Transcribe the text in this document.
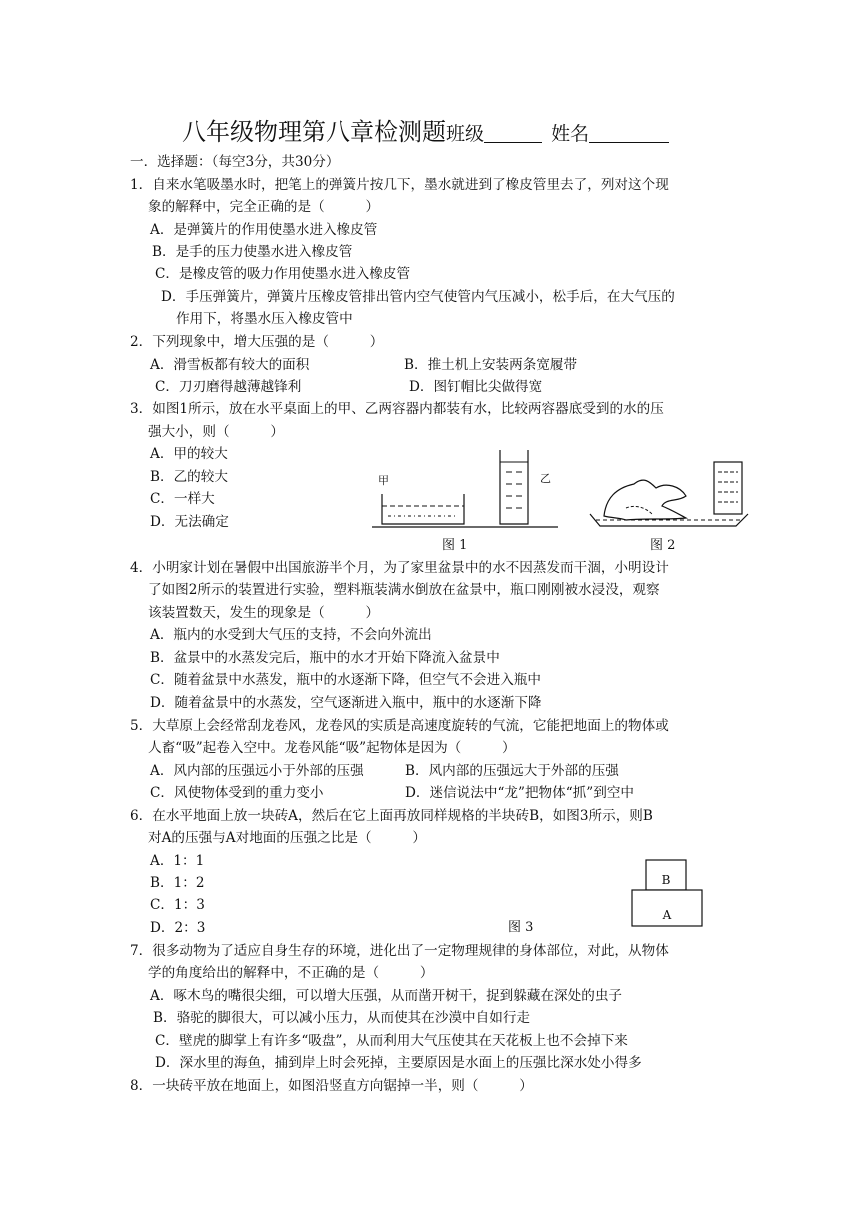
八年级物理第八章检测题班级	姓名
一．选择题：（每空3分，共30分）
1．自来水笔吸墨水时，把笔上的弹簧片按几下，墨水就进到了橡皮管里去了，列对这个现
象的解释中，完全正确的是（　　　）
A．是弹簧片的作用使墨水进入橡皮管
B．是手的压力使墨水进入橡皮管
C．是橡皮管的吸力作用使墨水进入橡皮管
D．手压弹簧片，弹簧片压橡皮管排出管内空气使管内气压减小，松手后，在大气压的
作用下，将墨水压入橡皮管中
2．下列现象中，增大压强的是（　　　）
A．滑雪板都有较大的面积	B．推土机上安装两条宽履带
C．刀刃磨得越薄越锋利	D．图钉帽比尖做得宽
3．如图1所示，放在水平桌面上的甲、乙两容器内都装有水，比较两容器底受到的水的压
强大小，则（　　　）
A．甲的较大
B．乙的较大
C．一样大
D．无法确定
甲	乙
图 1	图 2
4．小明家计划在暑假中出国旅游半个月，为了家里盆景中的水不因蒸发而干涸，小明设计
了如图2所示的装置进行实验，塑料瓶装满水倒放在盆景中，瓶口刚刚被水浸没，观察
该装置数天，发生的现象是（　　　）
A．瓶内的水受到大气压的支持，不会向外流出
B．盆景中的水蒸发完后，瓶中的水才开始下降流入盆景中
C．随着盆景中水蒸发，瓶中的水逐渐下降，但空气不会进入瓶中
D．随着盆景中的水蒸发，空气逐渐进入瓶中，瓶中的水逐渐下降
5．大草原上会经常刮龙卷风，龙卷风的实质是高速度旋转的气流，它能把地面上的物体或
人畜“吸”起卷入空中。龙卷风能“吸”起物体是因为（　　　）
A．风内部的压强远小于外部的压强	B．风内部的压强远大于外部的压强
C．风使物体受到的重力变小	D．迷信说法中“龙”把物体“抓”到空中
6．在水平地面上放一块砖A，然后在它上面再放同样规格的半块砖B，如图3所示，则B
对A的压强与A对地面的压强之比是（　　　）
A．1：1
B．1：2
C．1：3
D．2：3	图 3
B
A
7．很多动物为了适应自身生存的环境，进化出了一定物理规律的身体部位，对此，从物体
学的角度给出的解释中，不正确的是（　　　）
A．啄木鸟的嘴很尖细，可以增大压强，从而凿开树干，捉到躲藏在深处的虫子
B．骆驼的脚很大，可以减小压力，从而使其在沙漠中自如行走
C．壁虎的脚掌上有许多“吸盘”，从而利用大气压使其在天花板上也不会掉下来
D．深水里的海鱼，捕到岸上时会死掉，主要原因是水面上的压强比深水处小得多
8．一块砖平放在地面上，如图沿竖直方向锯掉一半，则（　　　）
